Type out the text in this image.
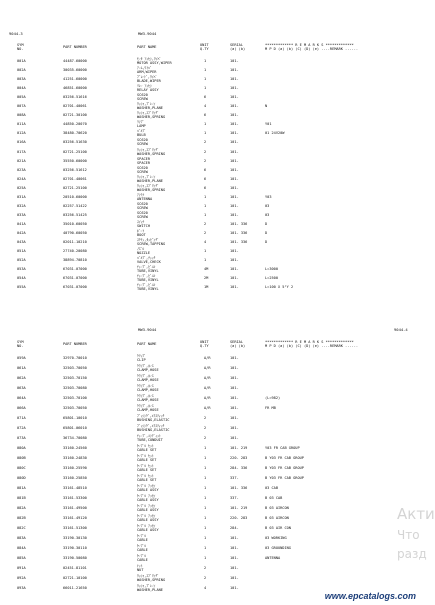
9044-3	MW3-9044
SYM
NO.	PART NUMBER	PART NAME	UNIT
Q.TY
SERIAL
(a) (b)
************* R E M A R K S *************
M P D (a) (b) (C) (D) (e) ....REMARK ......
001A	44487-60000	ﾓｰﾀ ｱｯｾﾝ,ﾜｲﾊﾟ
MOTOR ASSY,WIPER	1	101-
002A	30035-60000	ｱｰﾑ,ﾜｲﾊﾟ
ARM,WIPER	1	101-
003A	41251-60000	ﾌﾞﾚｰﾄﾞ,ﾜｲﾊﾟ
BLADE,WIPER	1	101-
004A	46851-60000	ﾘﾚｰ ｱｯｾﾝ
RELAY ASSY	1	101-
005A	03256-51616	SC620
SCREW	6	101-
007A	02701-40061	ﾜｯｼｬ,ﾌﾟﾚｰﾝ
WASHER,PLANE	4	101-	N
008A	02721-30100	ﾜｯｼｬ,ｽﾌﾟﾘﾝｸﾞ
WASHER,SPRING	6	101-
011A	44850-20070	ﾗﾝﾌﾟ
LAMP	1	101-	Y01
012A	38480-70620	ﾊﾞﾙﾌﾞ
BULB	1	101-	01 24V20W
016A	03256-51630	SC620
SCREW	2	101-
017A	02721-25100	ﾜｯｼｬ,ｽﾌﾟﾘﾝｸﾞ
WASHER,SPRING	2	101-
021A	35550-60000	SPACER
SPACER	2	101-
023A	03256-51612	SC620
SCREW	6	101-
024A	02701-40061	ﾜｯｼｬ,ﾌﾟﾚｰﾝ
WASHER,PLANE	6	101-
025A	02721-25100	ﾜｯｼｬ,ｽﾌﾟﾘﾝｸﾞ
WASHER,SPRING	6	101-
031A	20510-60000	ｱﾝﾃﾅ
ANTENNA	1	101-	Y03
032A	02257-51422	SC620
SCREW	1	101-	03
033A	03256-51425	SC620
SCREW	1	101-	03
041A	35010-60050	ｽｲｯﾁ
SWITCH	2	101- 336	D
042A	40790-60050	ﾎﾞｰﾄ
BOOT	2	101- 336	D
043A	02011-10210	ｽｸﾘｭ,ﾀｯﾋﾟﾝｸﾞ
SCREW,TAPPING	4	101- 336	D
051A	27740-20080	ﾉｽﾞﾙ
NOZZLE	1	101-
052A	38894-70810	ﾊﾞﾙﾌﾞ,ﾁｪｯｸ
VALVE,CHECK	1	101-
053A	67031-07000	ﾁｭｰﾌﾞ,ﾋﾞﾆﾙ
TUBE,VINYL	4M	101-	L=3000
054A	67031-07000	ﾁｭｰﾌﾞ,ﾋﾞﾆﾙ
TUBE,VINYL	2M	101-	L=2500
055A	67031-07000	ﾁｭｰﾌﾞ,ﾋﾞﾆﾙ
TUBE,VINYL	1M	101-	L=100 X 5"Y 2
MW3-9044	9044-4
SYM
NO.	PART NUMBER	PART NAME	UNIT
Q.TY
SERIAL
(a) (b)
************* R E M A R K S *************
M P D (a) (b) (C) (D) (e) ....REMARK ......
059A	32970-70010	ｸﾘｯﾌﾟ
CLIP	A/R	101-
061A	32503-70050	ｸﾗﾝﾌﾟ,ﾎｰｽ
CLAMP,HOSE	A/R	101-
062A	32503-70150	ｸﾗﾝﾌﾟ,ﾎｰｽ
CLAMP,HOSE	A/R	101-
063A	32503-70080	ｸﾗﾝﾌﾟ,ﾎｰｽ
CLAMP,HOSE	A/R	101-
064A	32503-70100	ｸﾗﾝﾌﾟ,ﾎｰｽ
CLAMP,HOSE	A/R	101-	(L=982)
066A	32503-70050	ｸﾗﾝﾌﾟ,ﾎｰｽ
CLAMP,HOSE	A/R	101-	FR MB
071A	65801-10010	ﾌﾞｯｼﾝｸﾞ,ｴﾗｽﾃｨｯｸ
BUSHING,ELASTIC	2	101-
072A	65801-06010	ﾌﾞｯｼﾝｸﾞ,ｴﾗｽﾃｨｯｸ
BUSHING,ELASTIC	2	101-
073A	36734-70080	ﾁｭｰﾌﾞ,ｺﾝﾃﾞｨｯﾄ
TUBE,CONDUIT	2	101-
080A	33160-24560	ｹｰﾌﾞﾙ ｾｯﾄ
CABLE SET	1	101- 219	Y03 FR CAB GROUP
080B	33160-24830	ｹｰﾌﾞﾙ ｾｯﾄ
CABLE SET	1	220- 283	B Y03 FR CAB GROUP
080C	33160-25590	ｹｰﾌﾞﾙ ｾｯﾄ
CABLE SET	1	284- 336	B Y03 FR CAB GROUP
080D	33160-25850	ｹｰﾌﾞﾙ ｾｯﾄ
CABLE SET	1	337-	B Y03 FR CAB GROUP
081A	33161-48510	ｹｰﾌﾞﾙ ｱｯｾﾝ
CABLE ASSY	1	101- 336	03 CAB
081B	33161-53300	ｹｰﾌﾞﾙ ｱｯｾﾝ
CABLE ASSY	1	337-	B 03 CAB
082A	33161-49500	ｹｰﾌﾞﾙ ｱｯｾﾝ
CABLE ASSY	1	101- 219	B 03 AIRCON
082B	33161-49120	ｹｰﾌﾞﾙ ｱｯｾﾝ
CABLE ASSY	1	220- 283	B 03 AIRCON
082C	33161-51300	ｹｰﾌﾞﾙ ｱｯｾﾝ
CABLE ASSY	1	284-	B 03 AIR CON
083A	33190-30130	ｹｰﾌﾞﾙ
CABLE	1	101-	03 WORKING
084A	33190-30110	ｹｰﾌﾞﾙ
CABLE	1	101-	03 GROUNDING
085A	33190-50080	ｹｰﾌﾞﾙ
CABLE	1	101-	ANTENNA
091A	02451-81101	ﾅｯﾄ
NUT	2	101-
092A	02721-10100	ﾜｯｼｬ,ｽﾌﾟﾘﾝｸﾞ
WASHER,SPRING	2	101-
093A	66011-21650	ﾜｯｼｬ,ﾌﾟﾚｰﾝ
WASHER,PLANE	4	101-
Акти
Что
разд
www.epcatalogs.com
